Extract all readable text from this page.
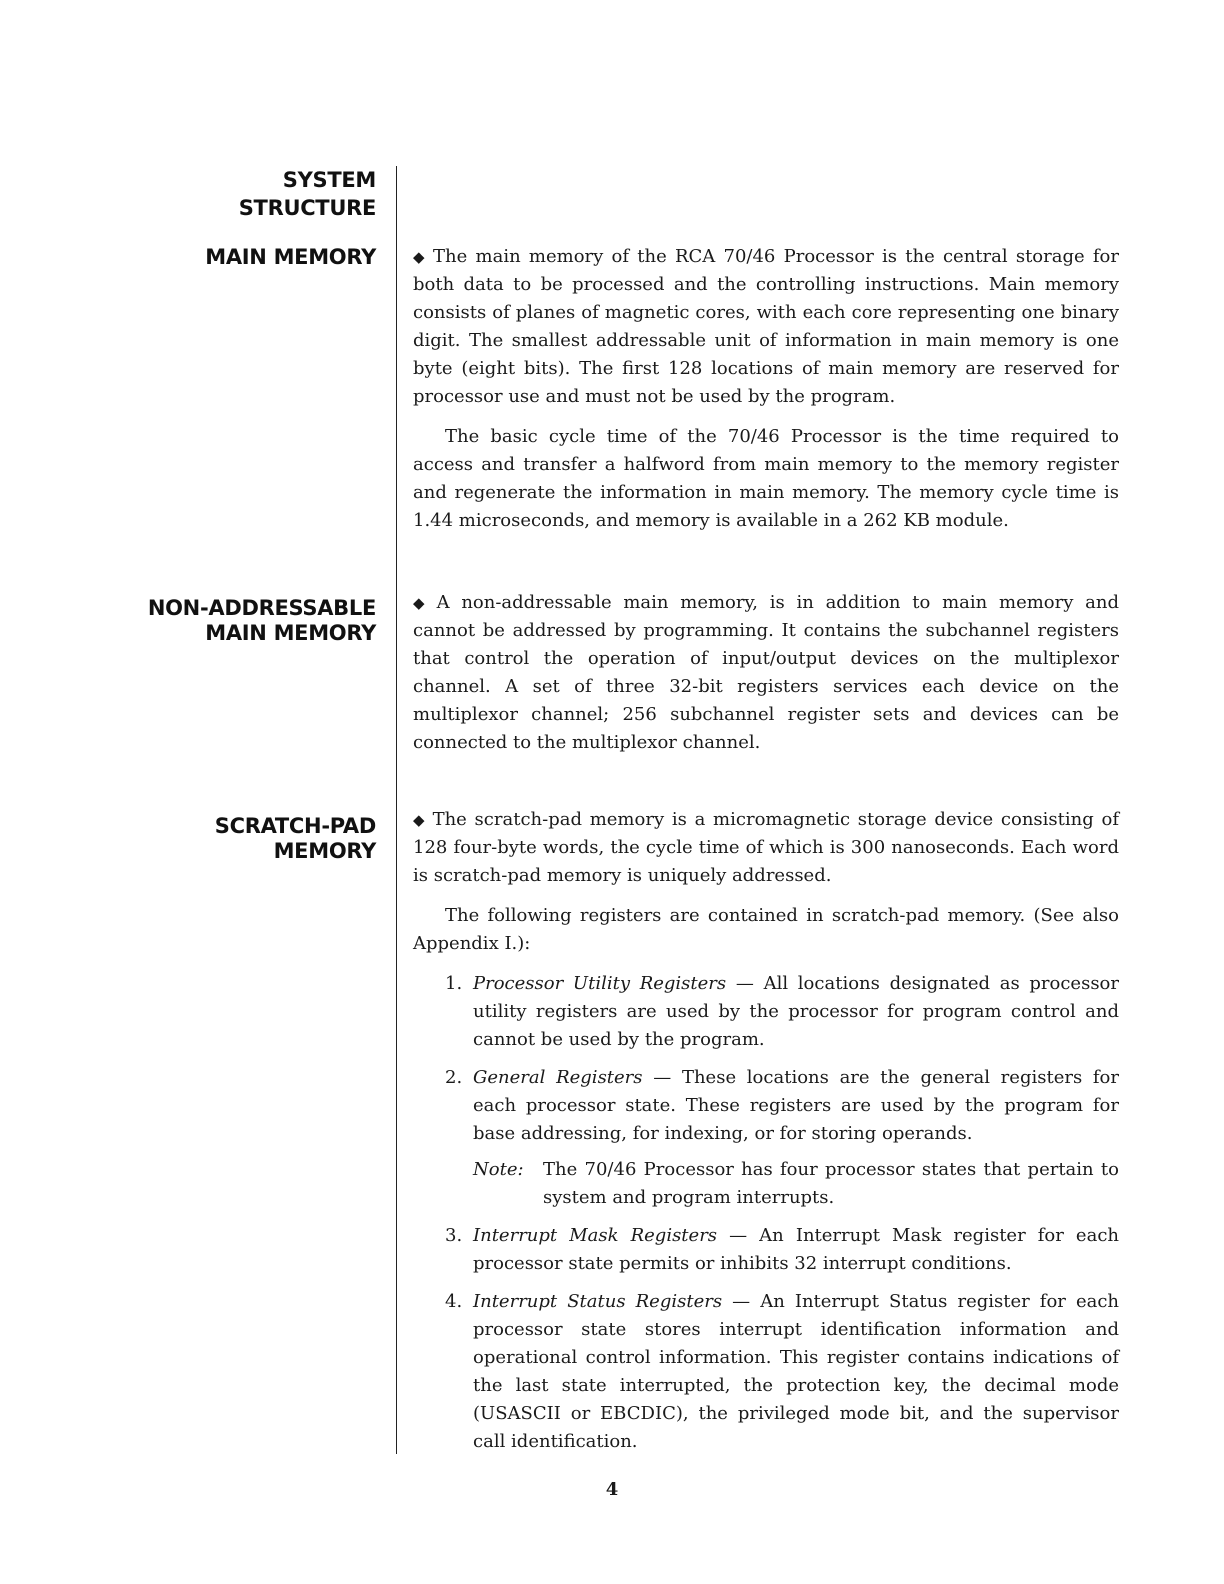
SYSTEM
STRUCTURE
MAIN MEMORY
NON-ADDRESSABLE
MAIN MEMORY
SCRATCH-PAD
MEMORY

◆ The main memory of the RCA 70/46 Processor is the central storage for both data to be processed and the controlling instructions. Main memory consists of planes of magnetic cores, with each core representing one binary digit. The smallest addressable unit of information in main memory is one byte (eight bits). The first 128 locations of main memory are reserved for processor use and must not be used by the program.

The basic cycle time of the 70/46 Processor is the time required to access and transfer a halfword from main memory to the memory register and regenerate the information in main memory. The memory cycle time is 1.44 microseconds, and memory is available in a 262 KB module.

◆ A non-addressable main memory, is in addition to main memory and cannot be addressed by programming. It contains the subchannel registers that control the operation of input/output devices on the multiplexor channel. A set of three 32-bit registers services each device on the multiplexor channel; 256 subchannel register sets and devices can be connected to the multiplexor channel.

◆ The scratch-pad memory is a micromagnetic storage device consisting of 128 four-byte words, the cycle time of which is 300 nanoseconds. Each word is scratch-pad memory is uniquely addressed.

The following registers are contained in scratch-pad memory. (See also Appendix I.):

1. Processor Utility Registers — All locations designated as processor utility registers are used by the processor for program control and cannot be used by the program.
2. General Registers — These locations are the general registers for each processor state. These registers are used by the program for base addressing, for indexing, or for storing operands.
Note: The 70/46 Processor has four processor states that pertain to system and program interrupts.
3. Interrupt Mask Registers — An Interrupt Mask register for each processor state permits or inhibits 32 interrupt conditions.
4. Interrupt Status Registers — An Interrupt Status register for each processor state stores interrupt identification information and operational control information. This register contains indications of the last state interrupted, the protection key, the decimal mode (USASCII or EBCDIC), the privileged mode bit, and the supervisor call identification.
4
